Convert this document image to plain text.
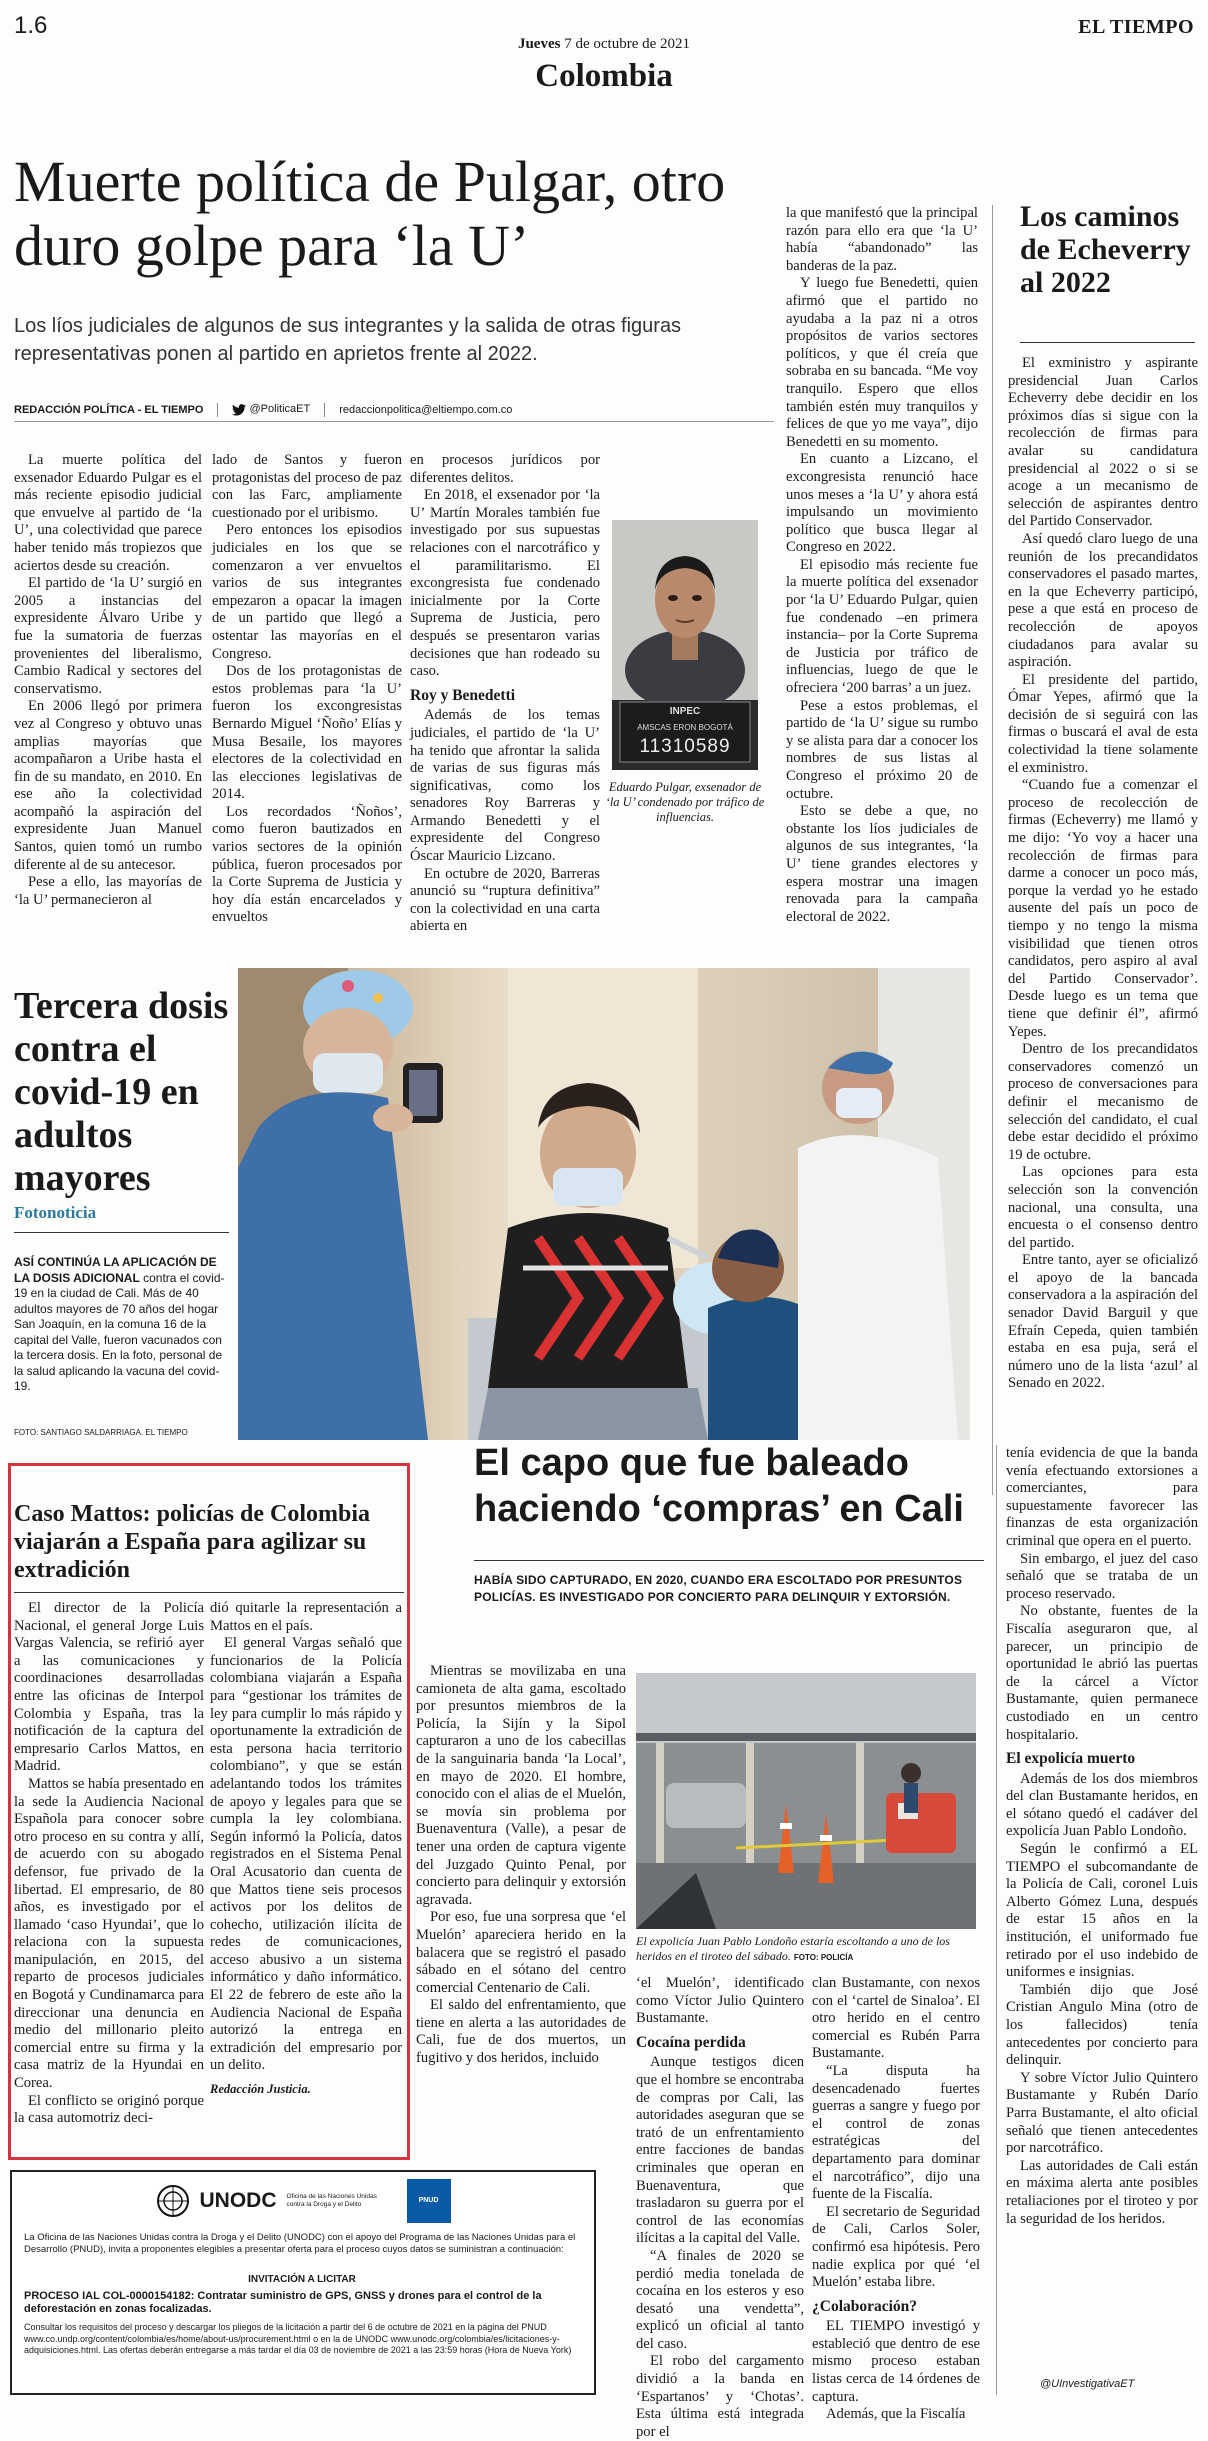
1.6
Jueves 7 de octubre de 2021
EL TIEMPO
Colombia
Muerte política de Pulgar, otro duro golpe para ‘la U’
Los líos judiciales de algunos de sus integrantes y la salida de otras figuras representativas ponen al partido en aprietos frente al 2022.
REDACCIÓN POLÍTICA - EL TIEMPO	@PoliticaET	redaccionpolitica@eltiempo.com.co

La muerte política del exsenador Eduardo Pulgar es el más reciente episodio judicial que envuelve al partido de ‘la U’, una colectividad que parece haber tenido más tropiezos que aciertos desde su creación.

El partido de ‘la U’ surgió en 2005 a instancias del expresidente Álvaro Uribe y fue la sumatoria de fuerzas provenientes del liberalismo, Cambio Radical y sectores del conservatismo.

En 2006 llegó por primera vez al Congreso y obtuvo unas amplias mayorías que acompañaron a Uribe hasta el fin de su mandato, en 2010. En ese año la colectividad acompañó la aspiración del expresidente Juan Manuel Santos, quien tomó un rumbo diferente al de su antecesor.

Pese a ello, las mayorías de ‘la U’ permanecieron al

lado de Santos y fueron protagonistas del proceso de paz con las Farc, ampliamente cuestionado por el uribismo.

Pero entonces los episodios judiciales en los que se comenzaron a ver envueltos varios de sus integrantes empezaron a opacar la imagen de un partido que llegó a ostentar las mayorías en el Congreso.

Dos de los protagonistas de estos problemas para ‘la U’ fueron los excongresistas Bernardo Miguel ‘Ñoño’ Elías y Musa Besaile, los mayores electores de la colectividad en las elecciones legislativas de 2014.

Los recordados ‘Ñoños’, como fueron bautizados en varios sectores de la opinión pública, fueron procesados por la Corte Suprema de Justicia y hoy día están encarcelados y envueltos

en procesos jurídicos por diferentes delitos.

En 2018, el exsenador por ‘la U’ Martín Morales también fue investigado por sus supuestas relaciones con el narcotráfico y el paramilitarismo. El excongresista fue condenado inicialmente por la Corte Suprema de Justicia, pero después se presentaron varias decisiones que han rodeado su caso.

Roy y Benedetti

Además de los temas judiciales, el partido de ‘la U’ ha tenido que afrontar la salida de varias de sus figuras más significativas, como los senadores Roy Barreras y Armando Benedetti y el expresidente del Congreso Óscar Mauricio Lizcano.

En octubre de 2020, Barreras anunció su “ruptura definitiva” con la colectividad en una carta abierta en

INPEC
AMSCAS ERON BOGOTÁ
11310589
Eduardo Pulgar, exsenador de ‘la U’ condenado por tráfico de influencias.

la que manifestó que la principal razón para ello era que ‘la U’ había “abandonado” las banderas de la paz.

Y luego fue Benedetti, quien afirmó que el partido no ayudaba a la paz ni a otros propósitos de varios sectores políticos, y que él creía que sobraba en su bancada. “Me voy tranquilo. Espero que ellos también estén muy tranquilos y felices de que yo me vaya”, dijo Benedetti en su momento.

En cuanto a Lizcano, el excongresista renunció hace unos meses a ‘la U’ y ahora está impulsando un movimiento político que busca llegar al Congreso en 2022.

El episodio más reciente fue la muerte política del exsenador por ‘la U’ Eduardo Pulgar, quien fue condenado –en primera instancia– por la Corte Suprema de Justicia por tráfico de influencias, luego de que le ofreciera ‘200 barras’ a un juez.

Pese a estos problemas, el partido de ‘la U’ sigue su rumbo y se alista para dar a conocer los nombres de sus listas al Congreso el próximo 20 de octubre.

Esto se debe a que, no obstante los líos judiciales de algunos de sus integrantes, ‘la U’ tiene grandes electores y espera mostrar una imagen renovada para la campaña electoral de 2022.

Los caminos de Echeverry al 2022

El exministro y aspirante presidencial Juan Carlos Echeverry debe decidir en los próximos días si sigue con la recolección de firmas para avalar su candidatura presidencial al 2022 o si se acoge a un mecanismo de selección de aspirantes dentro del Partido Conservador.

Así quedó claro luego de una reunión de los precandidatos conservadores el pasado martes, en la que Echeverry participó, pese a que está en proceso de recolección de apoyos ciudadanos para avalar su aspiración.

El presidente del partido, Ómar Yepes, afirmó que la decisión de si seguirá con las firmas o buscará el aval de esta colectividad la tiene solamente el exministro.

“Cuando fue a comenzar el proceso de recolección de firmas (Echeverry) me llamó y me dijo: ‘Yo voy a hacer una recolección de firmas para darme a conocer un poco más, porque la verdad yo he estado ausente del país un poco de tiempo y no tengo la misma visibilidad que tienen otros candidatos, pero aspiro al aval del Partido Conservador’. Desde luego es un tema que tiene que definir él”, afirmó Yepes.

Dentro de los precandidatos conservadores comenzó un proceso de conversaciones para definir el mecanismo de selección del candidato, el cual debe estar decidido el próximo 19 de octubre.

Las opciones para esta selección son la convención nacional, una consulta, una encuesta o el consenso dentro del partido.

Entre tanto, ayer se oficializó el apoyo de la bancada conservadora a la aspiración del senador David Barguil y que Efraín Cepeda, quien también estaba en esa puja, será el número uno de la lista ‘azul’ al Senado en 2022.

Tercera dosis contra el covid-19 en adultos mayores
Fotonoticia
ASÍ CONTINÚA LA APLICACIÓN DE LA DOSIS ADICIONAL contra el covid-19 en la ciudad de Cali. Más de 40 adultos mayores de 70 años del hogar San Joaquín, en la comuna 16 de la capital del Valle, fueron vacunados con la tercera dosis. En la foto, personal de la salud aplicando la vacuna del covid-19.
FOTO: SANTIAGO SALDARRIAGA. EL TIEMPO
Caso Mattos: policías de Colombia viajarán a España para agilizar su extradición

El director de la Policía Nacional, el general Jorge Luis Vargas Valencia, se refirió ayer a las comunicaciones y coordinaciones desarrolladas entre las oficinas de Interpol Colombia y España, tras la notificación de la captura del empresario Carlos Mattos, en Madrid.

Mattos se había presentado en la sede la Audiencia Nacional Española para conocer sobre otro proceso en su contra y allí, de acuerdo con su abogado defensor, fue privado de la libertad. El empresario, de 80 años, es investigado por el llamado ‘caso Hyundai’, que lo relaciona con la supuesta manipulación, en 2015, del reparto de procesos judiciales en Bogotá y Cundinamarca para direccionar una denuncia en medio del millonario pleito comercial entre su firma y la casa matriz de la Hyundai en Corea.

El conflicto se originó porque la casa automotriz deci-

dió quitarle la representación a Mattos en el país.

El general Vargas señaló que funcionarios de la Policía colombiana viajarán a España para “gestionar los trámites de ley para cumplir lo más rápido y oportunamente la extradición de esta persona hacia territorio colombiano”, y que se están adelantando todos los trámites de apoyo y legales para que se cumpla la ley colombiana. Según informó la Policía, datos registrados en el Sistema Penal Oral Acusatorio dan cuenta de que Mattos tiene seis procesos activos por los delitos de cohecho, utilización ilícita de redes de comunicaciones, acceso abusivo a un sistema informático y daño informático. El 22 de febrero de este año la Audiencia Nacional de España autorizó la entrega en extradición del empresario por un delito.

Redacción Justicia.

El capo que fue baleado haciendo ‘compras’ en Cali
HABÍA SIDO CAPTURADO, EN 2020, CUANDO ERA ESCOLTADO POR PRESUNTOS POLICÍAS. ES INVESTIGADO POR CONCIERTO PARA DELINQUIR Y EXTORSIÓN.

Mientras se movilizaba en una camioneta de alta gama, escoltado por presuntos miembros de la Policía, la Sijín y la Sipol capturaron a uno de los cabecillas de la sanguinaria banda ‘la Local’, en mayo de 2020. El hombre, conocido con el alias de el Muelón, se movía sin problema por Buenaventura (Valle), a pesar de tener una orden de captura vigente del Juzgado Quinto Penal, por concierto para delinquir y extorsión agravada.

Por eso, fue una sorpresa que ‘el Muelón’ apareciera herido en la balacera que se registró el pasado sábado en el sótano del centro comercial Centenario de Cali.

El saldo del enfrentamiento, que tiene en alerta a las autoridades de Cali, fue de dos muertos, un fugitivo y dos heridos, incluido

El expolicía Juan Pablo Londoño estaría escoltando a uno de los heridos en el tiroteo del sábado. FOTO: POLICÍA

‘el Muelón’, identificado como Víctor Julio Quintero Bustamante.

Cocaína perdida

Aunque testigos dicen que el hombre se encontraba de compras por Cali, las autoridades aseguran que se trató de un enfrentamiento entre facciones de bandas criminales que operan en Buenaventura, que trasladaron su guerra por el control de las economías ilícitas a la capital del Valle.

“A finales de 2020 se perdió media tonelada de cocaína en los esteros y eso desató una vendetta”, explicó un oficial al tanto del caso.

El robo del cargamento dividió a la banda en ‘Espartanos’ y ‘Chotas’. Esta última está integrada por el

clan Bustamante, con nexos con el ‘cartel de Sinaloa’. El otro herido en el centro comercial es Rubén Parra Bustamante.

“La disputa ha desencadenado fuertes guerras a sangre y fuego por el control de zonas estratégicas del departamento para dominar el narcotráfico”, dijo una fuente de la Fiscalía.

El secretario de Seguridad de Cali, Carlos Soler, confirmó esa hipótesis. Pero nadie explica por qué ‘el Muelón’ estaba libre.

¿Colaboración?

EL TIEMPO investigó y estableció que dentro de ese mismo proceso estaban listas cerca de 14 órdenes de captura.

Además, que la Fiscalía

tenía evidencia de que la banda venía efectuando extorsiones a comerciantes, para supuestamente favorecer las finanzas de esta organización criminal que opera en el puerto.

Sin embargo, el juez del caso señaló que se trataba de un proceso reservado.

No obstante, fuentes de la Fiscalía aseguraron que, al parecer, un principio de oportunidad le abrió las puertas de la cárcel a Víctor Bustamante, quien permanece custodiado en un centro hospitalario.

El expolicía muerto

Además de los dos miembros del clan Bustamante heridos, en el sótano quedó el cadáver del expolicía Juan Pablo Londoño.

Según le confirmó a EL TIEMPO el subcomandante de la Policía de Cali, coronel Luis Alberto Gómez Luna, después de estar 15 años en la institución, el uniformado fue retirado por el uso indebido de uniformes e insignias.

También dijo que José Cristian Angulo Mina (otro de los fallecidos) tenía antecedentes por concierto para delinquir.

Y sobre Víctor Julio Quintero Bustamante y Rubén Darío Parra Bustamante, el alto oficial señaló que tienen antecedentes por narcotráfico.

Las autoridades de Cali están en máxima alerta ante posibles retaliaciones por el tiroteo y por la seguridad de los heridos.

@UInvestigativaET
UNODC Oficina de las Naciones Unidas contra la Droga y el Delito
PNUD
La Oficina de las Naciones Unidas contra la Droga y el Delito (UNODC) con el apoyo del Programa de las Naciones Unidas para el Desarrollo (PNUD), invita a proponentes elegibles a presentar oferta para el proceso cuyos datos se suministran a continuación:
INVITACIÓN A LICITAR
PROCESO IAL COL-0000154182: Contratar suministro de GPS, GNSS y drones para el control de la deforestación en zonas focalizadas.
Consultar los requisitos del proceso y descargar los pliegos de la licitación a partir del 6 de octubre de 2021 en la página del PNUD www.co.undp.org/content/colombia/es/home/about-us/procurement.html o en la de UNODC www.unodc.org/colombia/es/licitaciones-y-adquisiciones.html. Las ofertas deberán entregarse a más tardar el día 03 de noviembre de 2021 a las 23:59 horas (Hora de Nueva York)
